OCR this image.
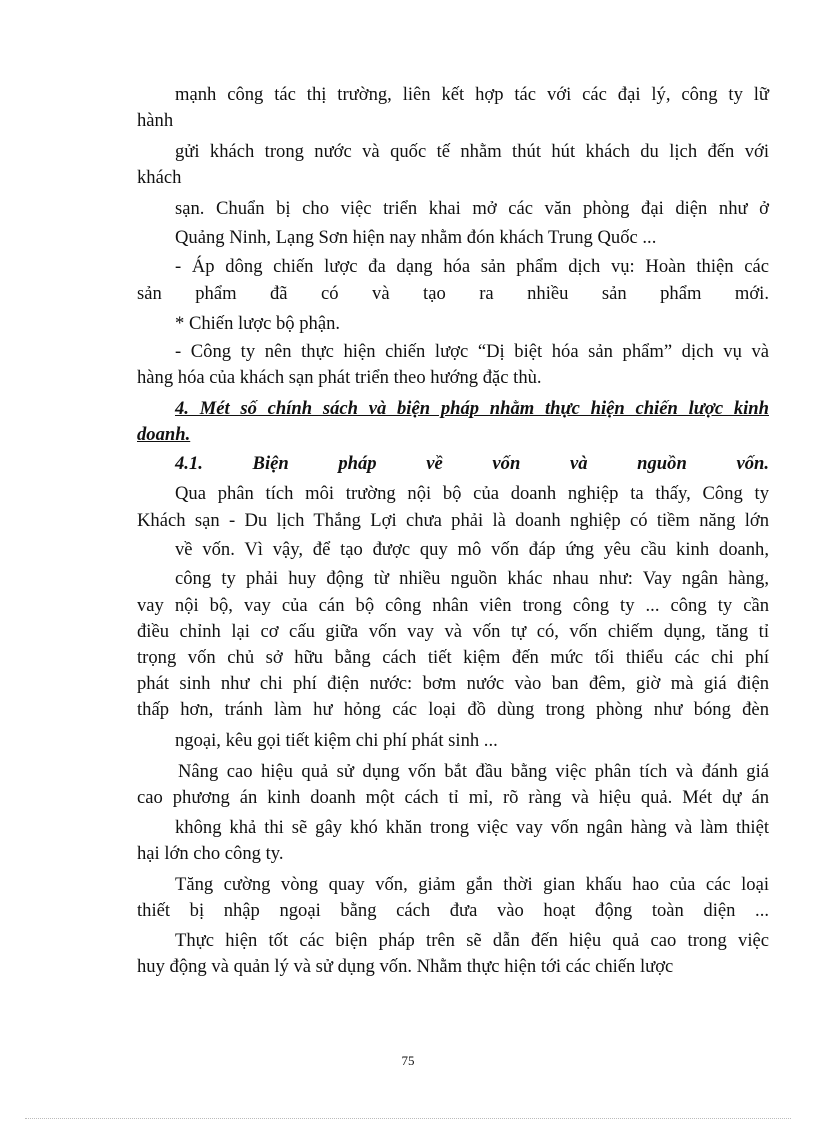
mạnh công tác thị trường, liên kết hợp tác với các đại lý, công ty lữ
hành
gửi khách trong nước và quốc tế nhằm thút hút khách du lịch đến với
khách
sạn. Chuẩn bị cho việc triển khai mở các văn phòng đại diện như ở
Quảng Ninh, Lạng Sơn hiện nay nhằm đón khách Trung Quốc ...
- Áp dông chiến lược đa dạng hóa sản phẩm dịch vụ: Hoàn thiện các
sản phẩm đã có và tạo ra nhiều sản phẩm mới.
* Chiến lược bộ phận.
- Công ty nên thực hiện chiến lược “Dị biệt hóa sản phẩm” dịch vụ và
hàng hóa của khách sạn phát triển theo hướng đặc thù.
4. Mét số chính sách và biện pháp nhằm thực hiện chiến lược kinh
doanh.
4.1. Biện pháp về vốn và nguồn vốn.
Qua phân tích môi trường nội bộ của doanh nghiệp ta thấy, Công ty
Khách sạn - Du lịch Thắng Lợi chưa phải là doanh nghiệp có tiềm năng lớn
về vốn. Vì vậy, để tạo được quy mô vốn đáp ứng yêu cầu kinh doanh,
công ty phải huy động từ nhiều nguồn khác nhau như: Vay ngân hàng,
vay nội bộ, vay của cán bộ công nhân viên trong công ty ... công ty cần
điều chỉnh lại cơ cấu giữa vốn vay và vốn tự có, vốn chiếm dụng, tăng tỉ
trọng vốn chủ sở hữu bằng cách tiết kiệm đến mức tối thiểu các chi phí
phát sinh như chi phí điện nước: bơm nước vào ban đêm, giờ mà giá điện
thấp hơn, tránh làm hư hỏng các loại đồ dùng trong phòng như bóng đèn
ngoại, kêu gọi tiết kiệm chi phí phát sinh ...
Nâng cao hiệu quả sử dụng vốn bắt đầu bằng việc phân tích và đánh giá
cao phương án kinh doanh một cách tỉ mỉ, rõ ràng và hiệu quả. Mét dự án
không khả thi sẽ gây khó khăn trong việc vay vốn ngân hàng và làm thiệt
hại lớn cho công ty.
Tăng cường vòng quay vốn, giảm gắn thời gian khấu hao của các loại
thiết bị nhập ngoại bằng cách đưa vào hoạt động toàn diện ...
Thực hiện tốt các biện pháp trên sẽ dẫn đến hiệu quả cao trong việc
huy động và quản lý và sử dụng vốn. Nhằm thực hiện tới các chiến lược
75
